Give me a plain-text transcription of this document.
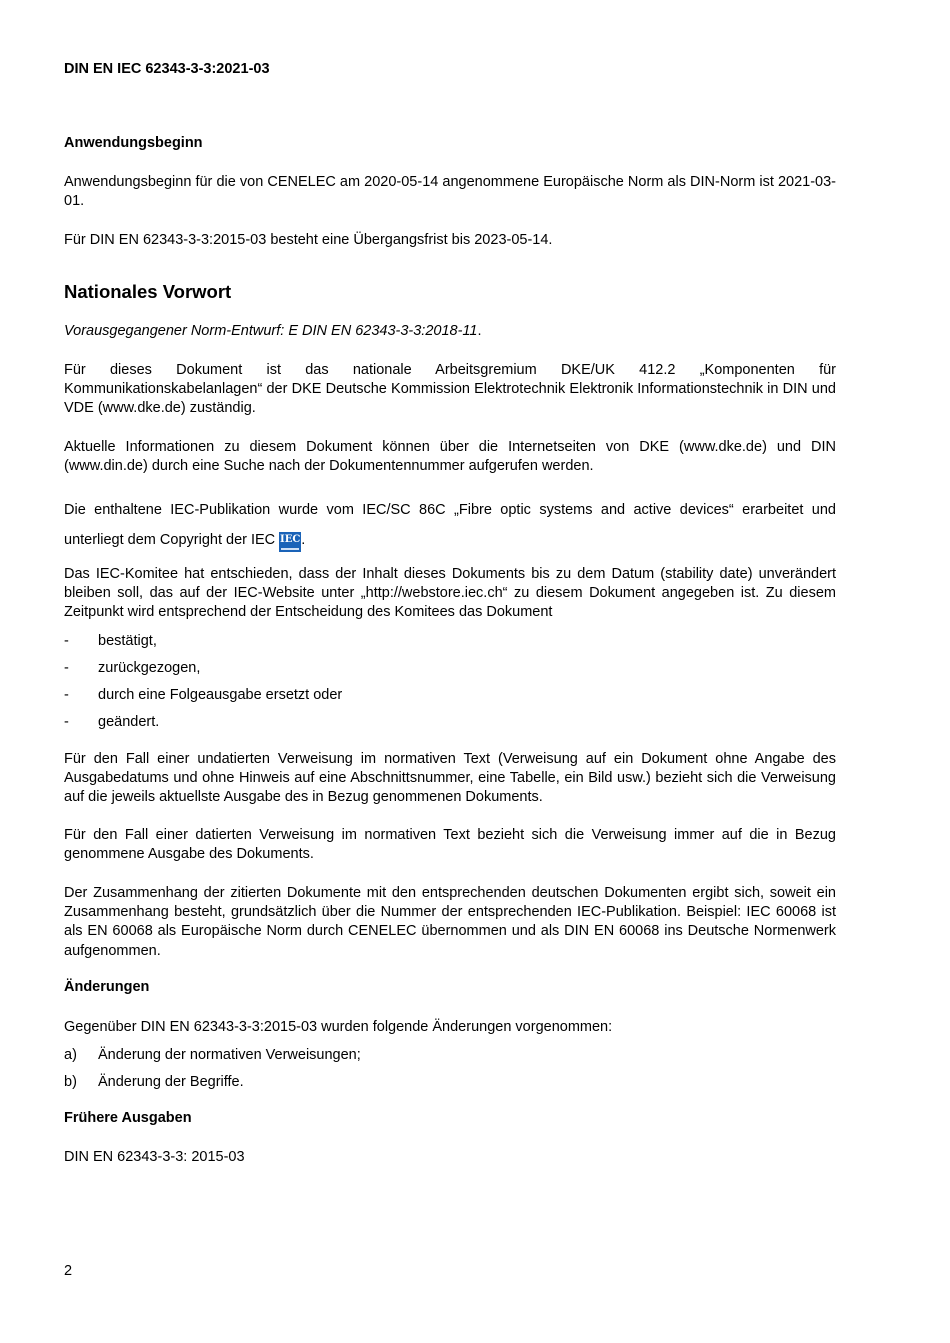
DIN EN IEC 62343-3-3:2021-03
Anwendungsbeginn
Anwendungsbeginn für die von CENELEC am 2020-05-14 angenommene Europäische Norm als DIN-Norm ist 2021-03-01.
Für DIN EN 62343-3-3:2015-03 besteht eine Übergangsfrist bis 2023-05-14.
Nationales Vorwort
Vorausgegangener Norm-Entwurf: E DIN EN 62343-3-3:2018-11.
Für dieses Dokument ist das nationale Arbeitsgremium DKE/UK 412.2 „Komponenten für Kommunikationskabelanlagen“ der DKE Deutsche Kommission Elektrotechnik Elektronik Informationstechnik in DIN und VDE (www.dke.de) zuständig.
Aktuelle Informationen zu diesem Dokument können über die Internetseiten von DKE (www.dke.de) und DIN (www.din.de) durch eine Suche nach der Dokumentennummer aufgerufen werden.
Die enthaltene IEC-Publikation wurde vom IEC/SC 86C „Fibre optic systems and active devices“ erarbeitet und unterliegt dem Copyright der IEC IEC.
Das IEC-Komitee hat entschieden, dass der Inhalt dieses Dokuments bis zu dem Datum (stability date) unverändert bleiben soll, das auf der IEC-Website unter „http://webstore.iec.ch“ zu diesem Dokument angegeben ist. Zu diesem Zeitpunkt wird entsprechend der Entscheidung des Komitees das Dokument
- bestätigt,
- zurückgezogen,
- durch eine Folgeausgabe ersetzt oder
- geändert.
Für den Fall einer undatierten Verweisung im normativen Text (Verweisung auf ein Dokument ohne Angabe des Ausgabedatums und ohne Hinweis auf eine Abschnittsnummer, eine Tabelle, ein Bild usw.) bezieht sich die Verweisung auf die jeweils aktuellste Ausgabe des in Bezug genommenen Dokuments.
Für den Fall einer datierten Verweisung im normativen Text bezieht sich die Verweisung immer auf die in Bezug genommene Ausgabe des Dokuments.
Der Zusammenhang der zitierten Dokumente mit den entsprechenden deutschen Dokumenten ergibt sich, soweit ein Zusammenhang besteht, grundsätzlich über die Nummer der entsprechenden IEC-Publikation. Beispiel: IEC 60068 ist als EN 60068 als Europäische Norm durch CENELEC übernommen und als DIN EN 60068 ins Deutsche Normenwerk aufgenommen.
Änderungen
Gegenüber DIN EN 62343-3-3:2015-03 wurden folgende Änderungen vorgenommen:
a) Änderung der normativen Verweisungen;
b) Änderung der Begriffe.
Frühere Ausgaben
DIN EN 62343-3-3: 2015-03
2
